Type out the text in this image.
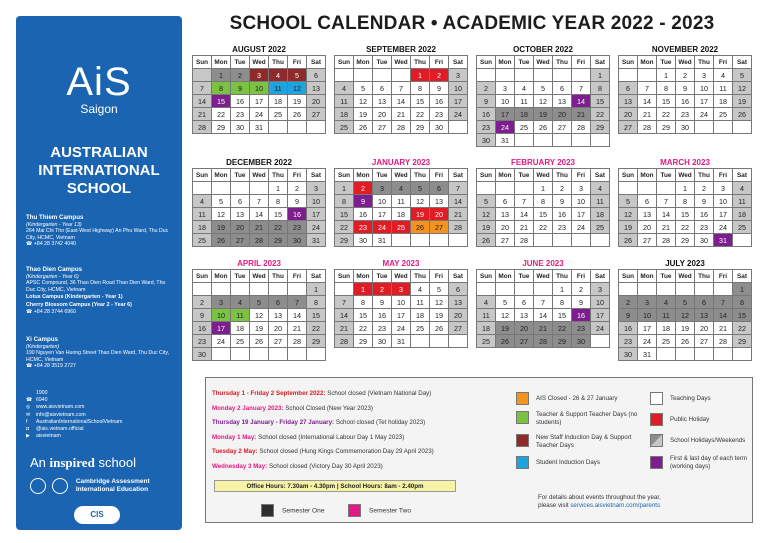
AiS
Saigon
AUSTRALIAN INTERNATIONAL SCHOOL
Thu Thiem Campus
(Kindergarten - Year 13)
264 Mai Chi Tho (East-West Highway) An Phu Ward, Thu Duc City, HCMC, Vietnam
☎ +84 28 3742 4040
Thao Dien Campus
(Kindergarten - Year 6)
APSC Compound, 36 Thao Dien Road Thao Dien Ward, Thu Duc City, HCMC, Vietnam
Lotus Campus (Kindergarten - Year 1)
Cherry Blossom Campus (Year 2 - Year 6)
☎ +84 28 3744 6960
Xi Campus
(Kindergarten)
190 Nguyen Van Huong Street Thao Dien Ward, Thu Duc City, HCMC, Vietnam
☎ +84 28 3519 2727
☎1900 6940
◎ www.aisvietnam.com
✉ info@aisvietnam.com
f AustralianInternationalSchoolVietnam
◘ @ais.vietnam.official
▶ aisvietnam
An inspired school
Cambridge Assessment International Education
CIS
SCHOOL CALENDAR • ACADEMIC YEAR 2022 - 2023
AUGUST 2022
Sun	Mon	Tue	Wed	Thu	Fri	Sat
	1	2	3	4	5	6
7	8	9	10	11	12	13
14	15	16	17	18	19	20
21	22	23	24	25	26	27
28	29	30	31			
SEPTEMBER 2022
Sun	Mon	Tue	Wed	Thu	Fri	Sat
				1	2	3
4	5	6	7	8	9	10
11	12	13	14	15	16	17
18	19	20	21	22	23	24
25	26	27	28	29	30	
OCTOBER 2022
Sun	Mon	Tue	Wed	Thu	Fri	Sat
						1
2	3	4	5	6	7	8
9	10	11	12	13	14	15
16	17	18	19	20	21	22
23	24	25	26	27	28	29
30	31					
NOVEMBER 2022
Sun	Mon	Tue	Wed	Thu	Fri	Sat
		1	2	3	4	5
6	7	8	9	10	11	12
13	14	15	16	17	18	19
20	21	22	23	24	25	26
27	28	29	30			
DECEMBER 2022
Sun	Mon	Tue	Wed	Thu	Fri	Sat
				1	2	3
4	5	6	7	8	9	10
11	12	13	14	15	16	17
18	19	20	21	22	23	24
25	26	27	28	29	30	31
JANUARY 2023
Sun	Mon	Tue	Wed	Thu	Fri	Sat
1	2	3	4	5	6	7
8	9	10	11	12	13	14
15	16	17	18	19	20	21
22	23	24	25	26	27	28
29	30	31				
FEBRUARY 2023
Sun	Mon	Tue	Wed	Thu	Fri	Sat
			1	2	3	4
5	6	7	8	9	10	11
12	13	14	15	16	17	18
19	20	21	22	23	24	25
26	27	28				
MARCH 2023
Sun	Mon	Tue	Wed	Thu	Fri	Sat
			1	2	3	4
5	6	7	8	9	10	11
12	13	14	15	16	17	18
19	20	21	22	23	24	25
26	27	28	29	30	31	
APRIL 2023
Sun	Mon	Tue	Wed	Thu	Fri	Sat
						1
2	3	4	5	6	7	8
9	10	11	12	13	14	15
16	17	18	19	20	21	22
23	24	25	26	27	28	29
30						
MAY 2023
Sun	Mon	Tue	Wed	Thu	Fri	Sat
	1	2	3	4	5	6
7	8	9	10	11	12	13
14	15	16	17	18	19	20
21	22	23	24	25	26	27
28	29	30	31			
JUNE 2023
Sun	Mon	Tue	Wed	Thu	Fri	Sat
				1	2	3
4	5	6	7	8	9	10
11	12	13	14	15	16	17
18	19	20	21	22	23	24
25	26	27	28	29	30	
JULY 2023
Sun	Mon	Tue	Wed	Thu	Fri	Sat
						1
2	3	4	5	6	7	8
9	10	11	12	13	14	15
16	17	18	19	20	21	22
23	24	25	26	27	28	29
30	31					
Thursday 1 - Friday 2 September 2022: School closed (Vietnam National Day)
Monday 2 January 2023: School Closed (New Year 2023)
Thursday 19 January - Friday 27 January: School closed (Tet holiday 2023)
Monday 1 May: School closed (International Labour Day 1 May 2023)
Tuesday 2 May: School closed (Hung Kings Commemoration Day 29 April 2023)
Wednesday 3 May: School closed (Victory Day 30 April 2023)
Office Hours: 7.30am - 4.30pm | School Hours: 8am - 2.40pm
Semester One	Semester Two
AIS Closed - 26 & 27 January
Teacher & Support Teacher Days (no students)
New Staff Induction Day & Support Teacher Days
Student Induction Days
Teaching Days
Public Holiday
School Holidays/Weekends
First & last day of each term (working days)
For details about events throughout the year,
please visit services.aisvietnam.com/parents
